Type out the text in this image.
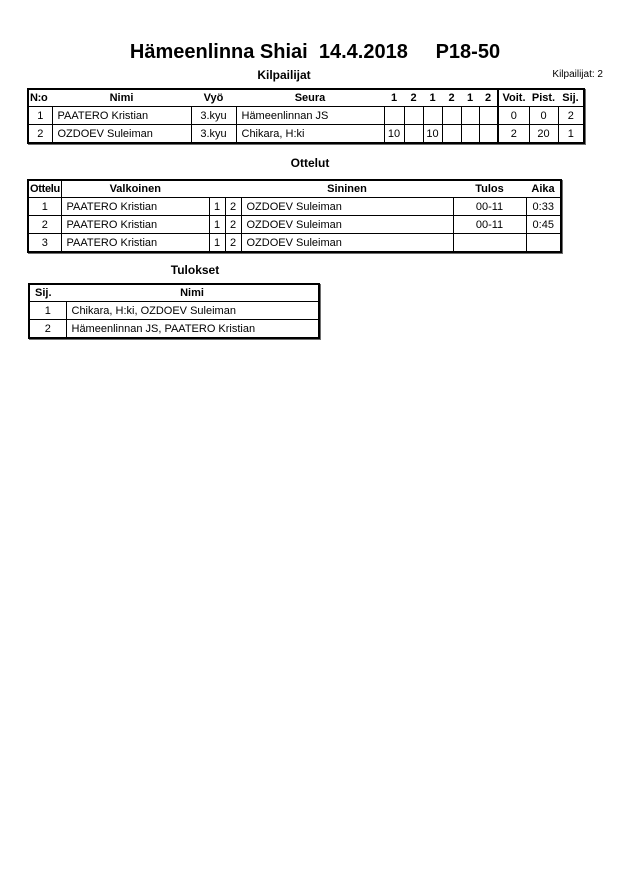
Hämeenlinna Shiai  14.4.2018     P18-50
Kilpailijat	Kilpailijat: 2
N:o	Nimi	Vyö	Seura	1	2	1	2	1	2	Voit.	Pist.	Sij.
1	PAATERO Kristian	3.kyu	Hämeenlinnan JS							0	0	2
2	OZDOEV Suleiman	3.kyu	Chikara, H:ki	10		10				2	20	1
Ottelut
Ottelu	Valkoinen			Sininen	Tulos	Aika
1	PAATERO Kristian	1	2	OZDOEV Suleiman	00-11	0:33
2	PAATERO Kristian	1	2	OZDOEV Suleiman	00-11	0:45
3	PAATERO Kristian	1	2	OZDOEV Suleiman		
Tulokset
Sij.	Nimi
1	Chikara, H:ki, OZDOEV Suleiman
2	Hämeenlinnan JS, PAATERO Kristian
